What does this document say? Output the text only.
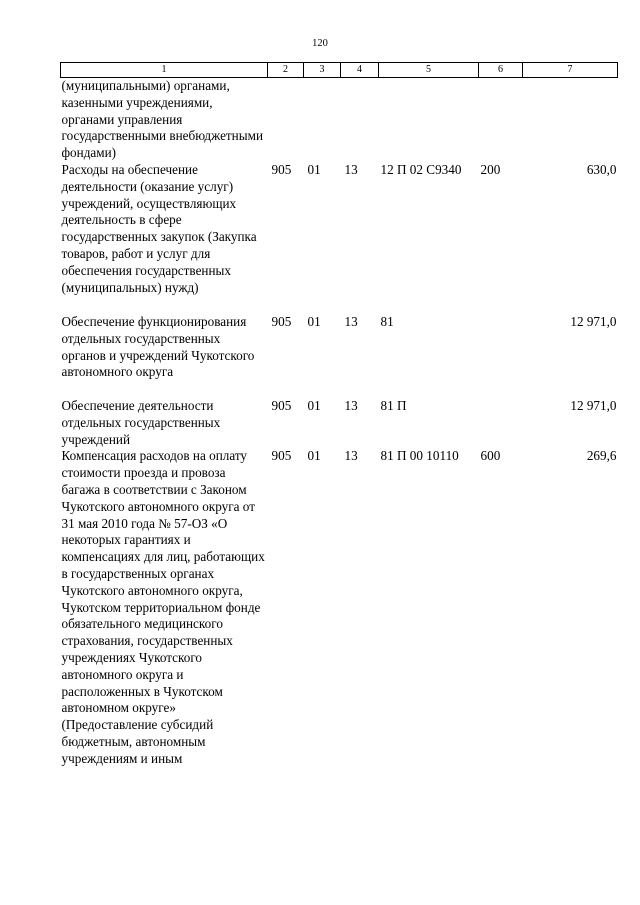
120
1	2	3	4	5	6	7
(муниципальными) органами, казенными учреждениями, органами управления государственными внебюджетными фондами)						
Расходы на обеспечение деятельности (оказание услуг) учреждений, осуществляющих деятельность в сфере государственных закупок (Закупка товаров, работ и услуг для обеспечения государственных (муниципальных) нужд)	905	01	13	12 П 02 С9340	200	630,0
Обеспечение функционирования отдельных государственных органов и учреждений Чукотского автономного округа	905	01	13	81		12 971,0
Обеспечение деятельности отдельных государственных учреждений	905	01	13	81 П		12 971,0
Компенсация расходов на оплату стоимости проезда и провоза багажа в соответствии с Законом Чукотского автономного округа от 31 мая 2010 года № 57-ОЗ «О некоторых гарантиях и компенсациях для лиц, работающих в государственных органах Чукотского автономного округа, Чукотском территориальном фонде обязательного медицинского страхования, государственных учреждениях Чукотского автономного округа и расположенных в Чукотском автономном округе» (Предоставление субсидий бюджетным, автономным учреждениям и иным	905	01	13	81 П 00 10110	600	269,6
